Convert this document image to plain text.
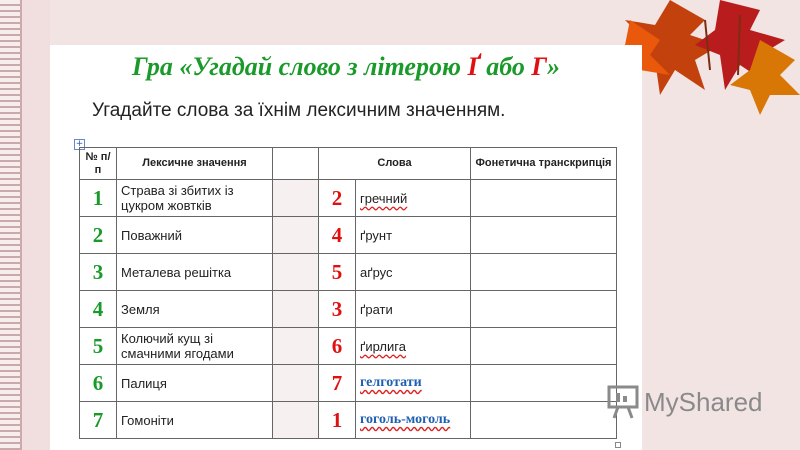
Гра «Угадай слово з літерою Ґ або Г»
Угадайте слова за їхнім лексичним значенням.
+
№ п/п	Лексичне значення		Слова		Фонетична транскрипція
1	Страва зі збитих із цукром жовтків		2	гречний	
2	Поважний		4	ґрунт	
3	Металева решітка		5	аґрус	
4	Земля		3	ґрати	
5	Колючий кущ зі смачними ягодами		6	ґирлига	
6	Палиця		7	гелготати	
7	Гомоніти		1	гоголь-моголь	
MyShared
